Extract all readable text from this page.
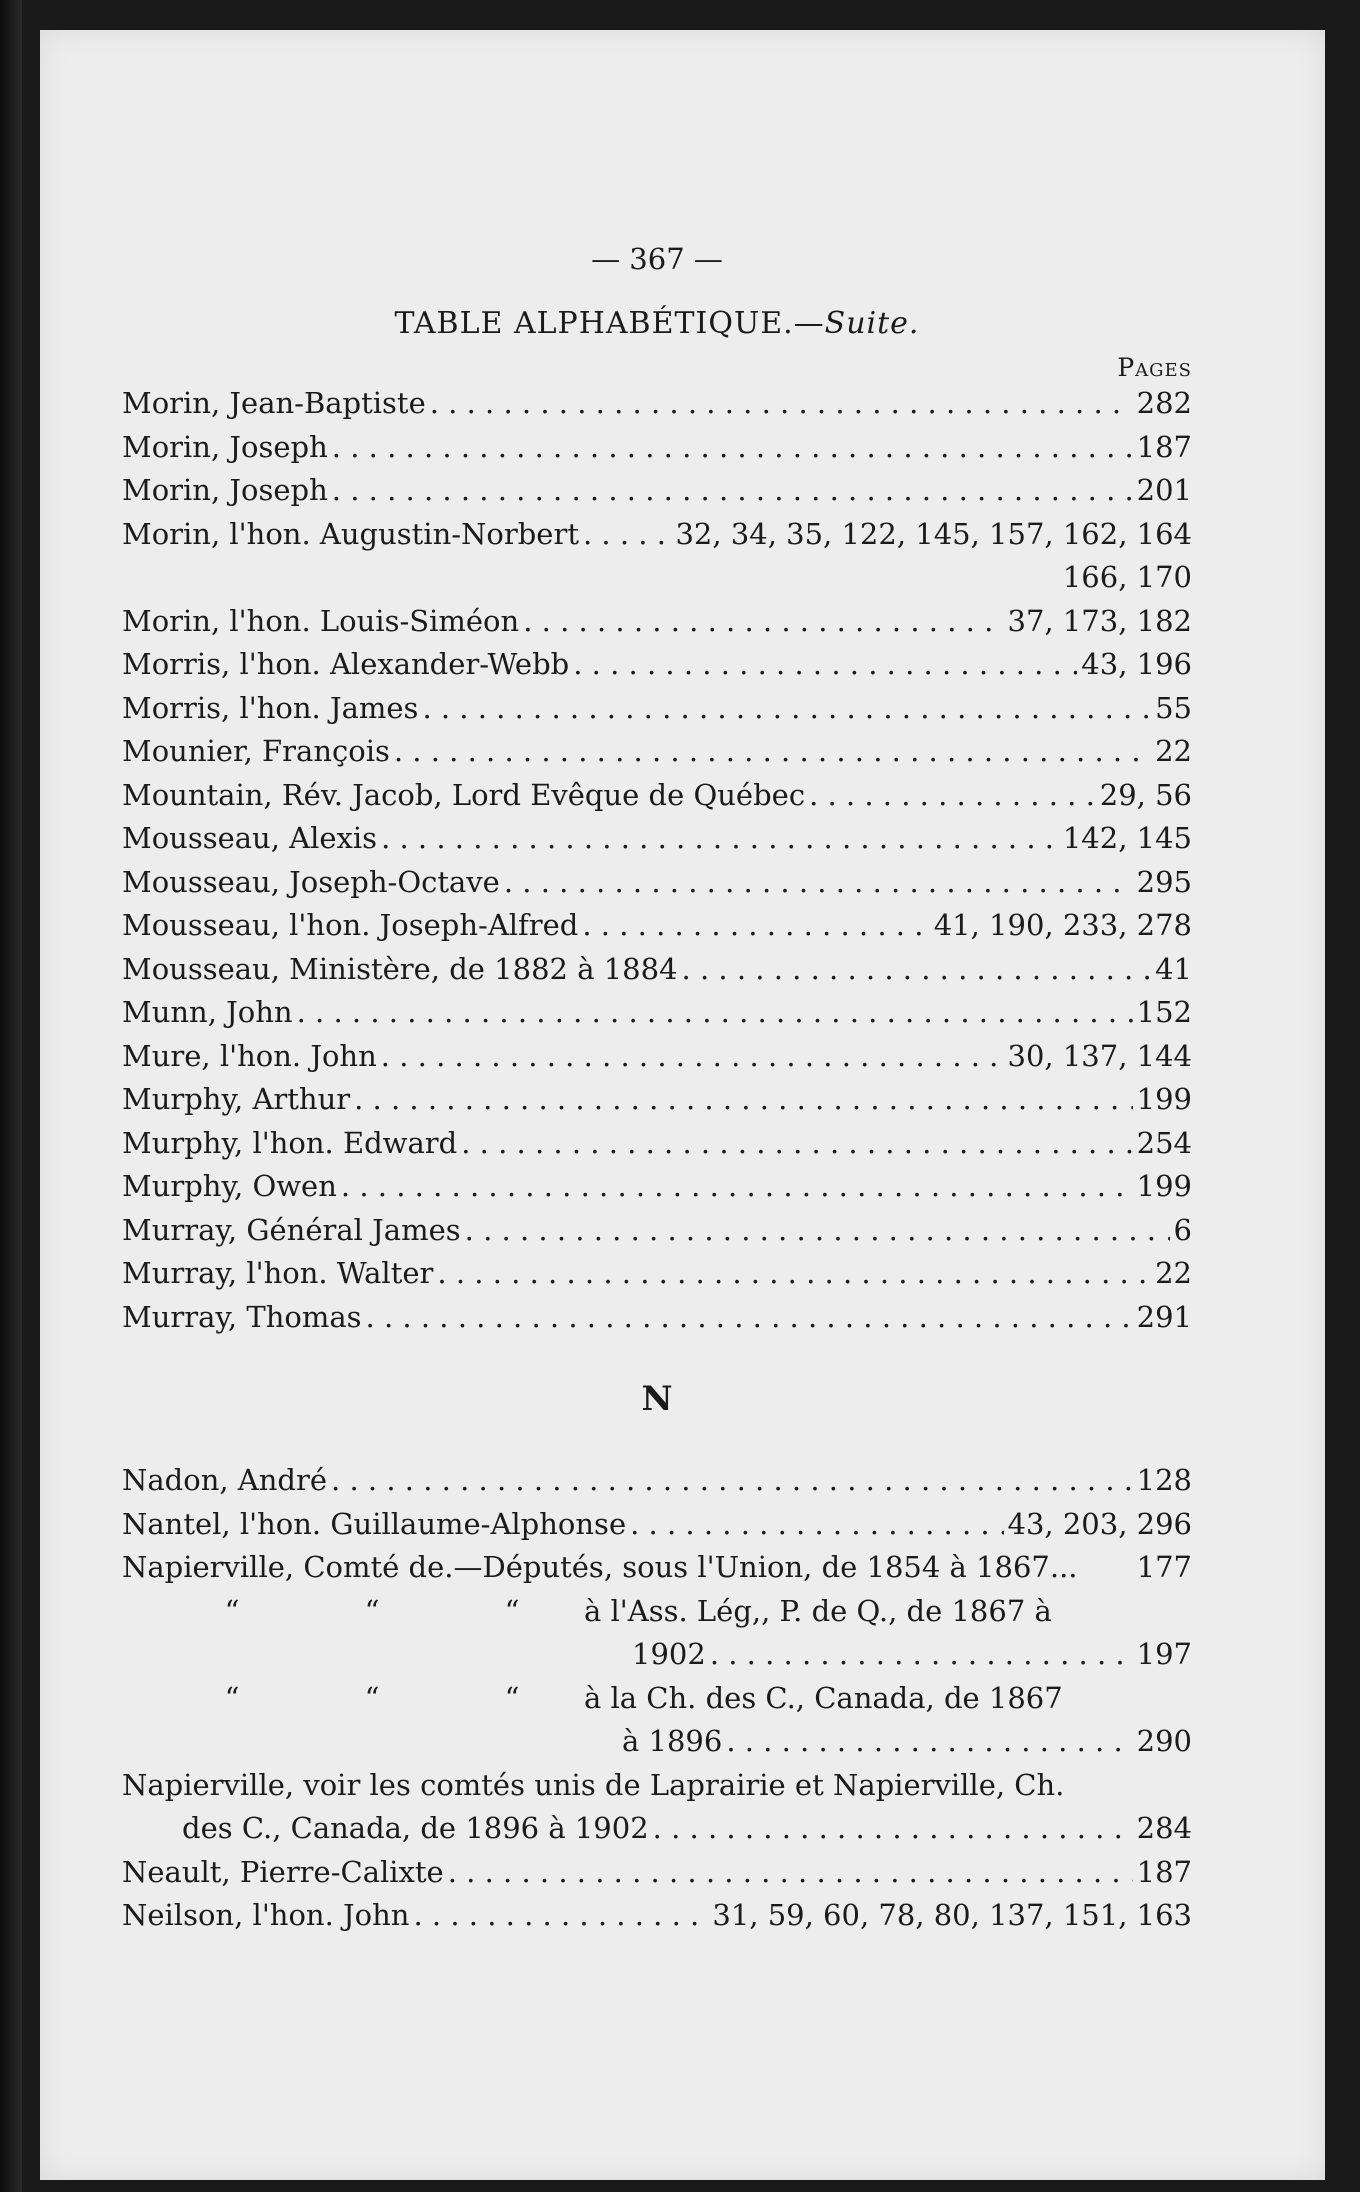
— 367 —
TABLE ALPHABÉTIQUE.—Suite.
Pages
Morin, Jean-Baptiste . . .	282
Morin, Joseph . . .	187
Morin, Joseph . . .	201
Morin, l'hon. Augustin-Norbert . . .	32, 34, 35, 122, 145, 157, 162, 164
166, 170
Morin, l'hon. Louis-Siméon . . .	37, 173, 182
Morris, l'hon. Alexander-Webb . . .	43, 196
Morris, l'hon. James . . .	55
Mounier, François . . .	22
Mountain, Rév. Jacob, Lord Evêque de Québec . . .	29, 56
Mousseau, Alexis . . .	142, 145
Mousseau, Joseph-Octave . . .	295
Mousseau, l'hon. Joseph-Alfred . . .	41, 190, 233, 278
Mousseau, Ministère, de 1882 à 1884 . . .	41
Munn, John . . .	152
Mure, l'hon. John . . .	30, 137, 144
Murphy, Arthur . . .	199
Murphy, l'hon. Edward . . .	254
Murphy, Owen . . .	199
Murray, Général James . . .	6
Murray, l'hon. Walter . . .	22
Murray, Thomas . . .	291
N
Nadon, André . . .	128
Nantel, l'hon. Guillaume-Alphonse . . .	43, 203, 296
Napierville, Comté de.—Députés, sous l'Union, de 1854 à 1867... 177
“	“	“	à l'Ass. Lég,, P. de Q., de 1867 à
1902 . . .	197
“	“	“	à la Ch. des C., Canada, de 1867
à 1896 . . .	290
Napierville, voir les comtés unis de Laprairie et Napierville, Ch.
des C., Canada, de 1896 à 1902 . . .	284
Neault, Pierre-Calixte . . .	187
Neilson, l'hon. John . . .	31, 59, 60, 78, 80, 137, 151, 163
